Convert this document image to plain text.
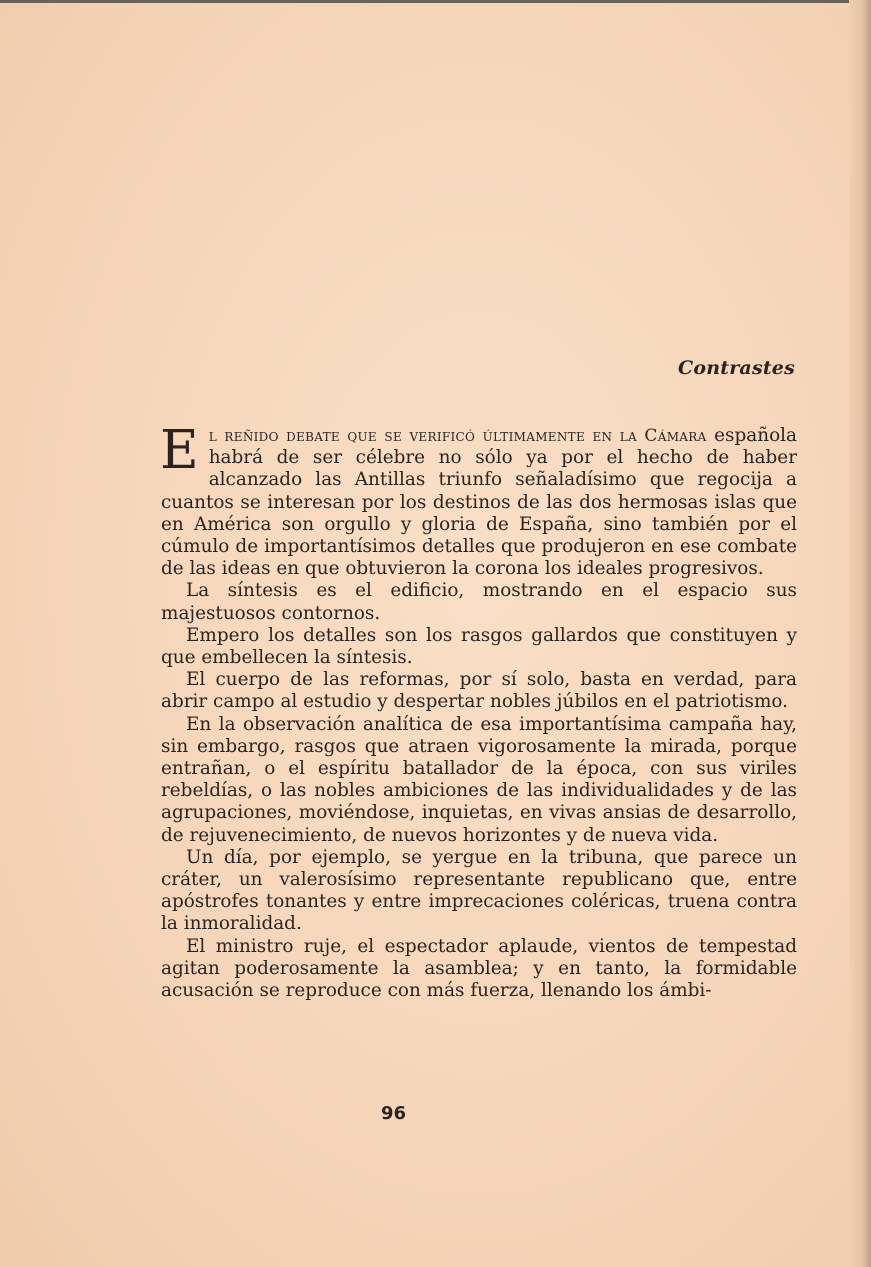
Contrastes

El reñido debate que se verificó últimamente en la Cámara española habrá de ser célebre no sólo ya por el hecho de haber alcanzado las Antillas triunfo señaladísimo que regocija a cuantos se interesan por los destinos de las dos hermosas islas que en América son orgullo y gloria de España, sino también por el cúmulo de importantísimos detalles que produjeron en ese combate de las ideas en que obtuvieron la corona los ideales progresivos.

La síntesis es el edificio, mostrando en el espacio sus majestuosos contornos.

Empero los detalles son los rasgos gallardos que constituyen y que embellecen la síntesis.

El cuerpo de las reformas, por sí solo, basta en verdad, para abrir campo al estudio y despertar nobles júbilos en el patriotismo.

En la observación analítica de esa importantísima campaña hay, sin embargo, rasgos que atraen vigorosamente la mirada, porque entrañan, o el espíritu batallador de la época, con sus viriles rebeldías, o las nobles ambiciones de las individualidades y de las agrupaciones, moviéndose, inquietas, en vivas ansias de desarrollo, de rejuvenecimiento, de nuevos horizontes y de nueva vida.

Un día, por ejemplo, se yergue en la tribuna, que parece un cráter, un valerosísimo representante republicano que, entre apóstrofes tonantes y entre imprecaciones coléricas, truena contra la inmoralidad.

El ministro ruje, el espectador aplaude, vientos de tempestad agitan poderosamente la asamblea; y en tanto, la formidable acusación se reproduce con más fuerza, llenando los ámbi-

96
